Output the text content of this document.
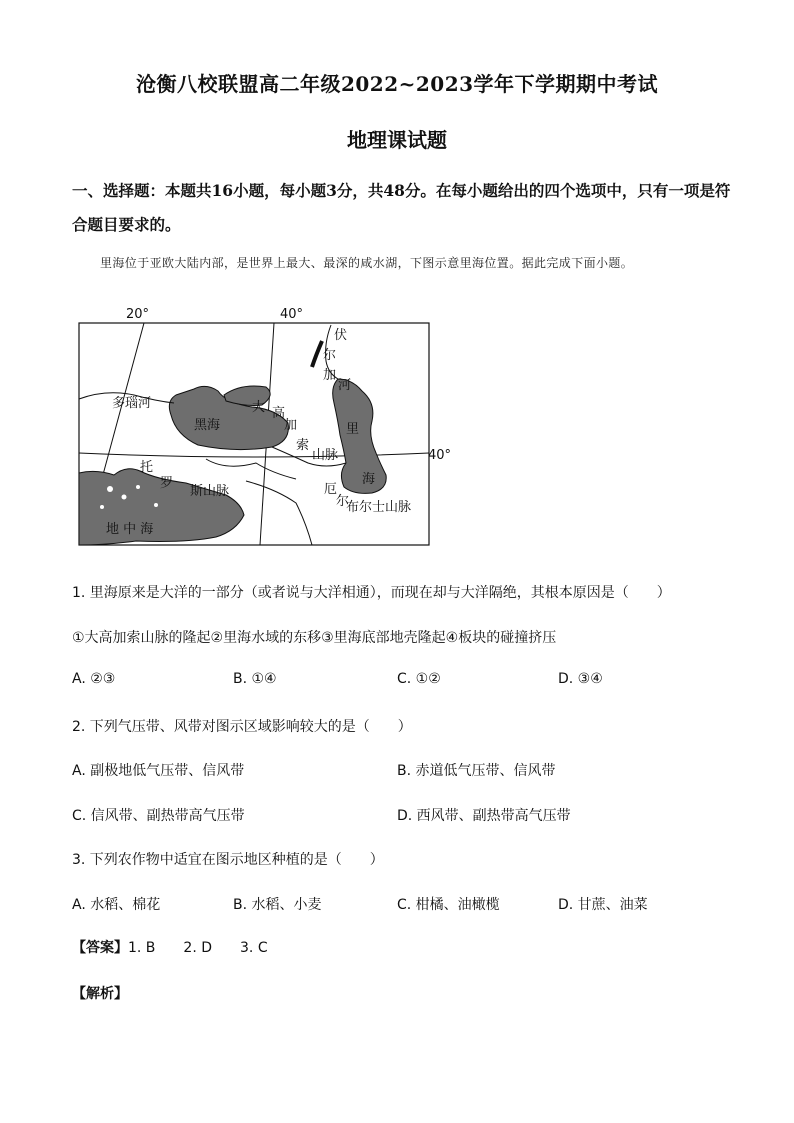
沧衡八校联盟高二年级2022~2023学年下学期期中考试
地理课试题
一、选择题：本题共16小题，每小题3分，共48分。在每小题给出的四个选项中，只有一项是符合题目要求的。
里海位于亚欧大陆内部，是世界上最大、最深的咸水湖，下图示意里海位置。据此完成下面小题。
20°	40°
40°
多瑙河
黑海
伏
尔
加
河
大 高
加
索
山脉
里
海
托
罗
斯山脉	厄
尔
布尔士山脉
地 中 海
1. 里海原来是大洋的一部分（或者说与大洋相通），而现在却与大洋隔绝，其根本原因是（　　）
①大高加索山脉的隆起②里海水域的东移③里海底部地壳隆起④板块的碰撞挤压
A. ②③	B. ①④	C. ①②	D. ③④
2. 下列气压带、风带对图示区域影响较大的是（　　）
A. 副极地低气压带、信风带	B. 赤道低气压带、信风带
C. 信风带、副热带高气压带	D. 西风带、副热带高气压带
3. 下列农作物中适宜在图示地区种植的是（　　）
A. 水稻、棉花	B. 水稻、小麦	C. 柑橘、油橄榄	D. 甘蔗、油菜
【答案】1. B 2. D 3. C
【解析】
